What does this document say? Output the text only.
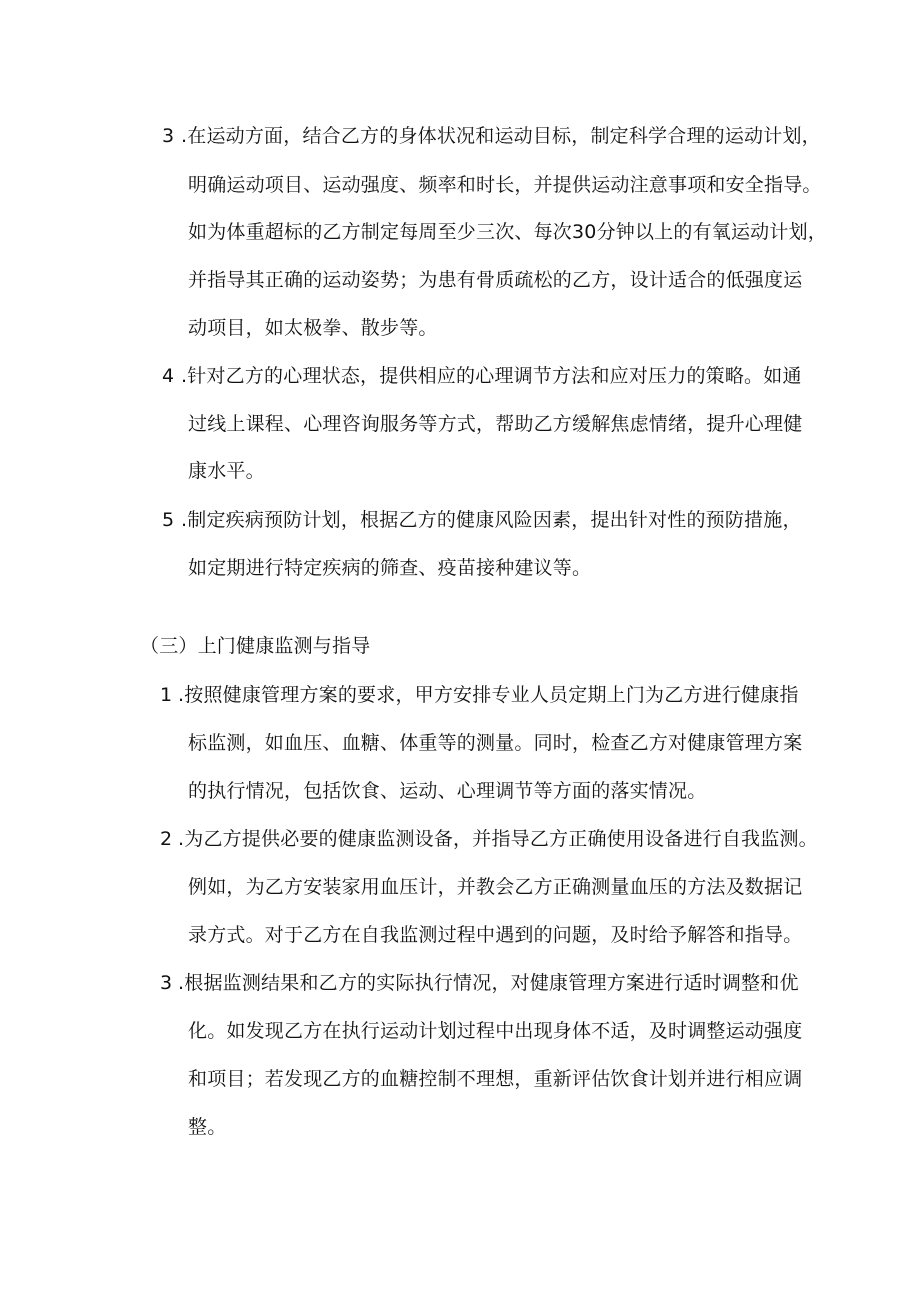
3 .在运动方面，结合乙方的身体状况和运动目标，制定科学合理的运动计划，
明确运动项目、运动强度、频率和时长，并提供运动注意事项和安全指导。
如为体重超标的乙方制定每周至少三次、每次30分钟以上的有氧运动计划，
并指导其正确的运动姿势；为患有骨质疏松的乙方，设计适合的低强度运
动项目，如太极拳、散步等。
4 .针对乙方的心理状态，提供相应的心理调节方法和应对压力的策略。如通
过线上课程、心理咨询服务等方式，帮助乙方缓解焦虑情绪，提升心理健
康水平。
5 .制定疾病预防计划，根据乙方的健康风险因素，提出针对性的预防措施，
如定期进行特定疾病的筛查、疫苗接种建议等。
（三）上门健康监测与指导
1 .按照健康管理方案的要求，甲方安排专业人员定期上门为乙方进行健康指
标监测，如血压、血糖、体重等的测量。同时，检查乙方对健康管理方案
的执行情况，包括饮食、运动、心理调节等方面的落实情况。
2 .为乙方提供必要的健康监测设备，并指导乙方正确使用设备进行自我监测。
例如，为乙方安装家用血压计，并教会乙方正确测量血压的方法及数据记
录方式。对于乙方在自我监测过程中遇到的问题，及时给予解答和指导。
3 .根据监测结果和乙方的实际执行情况，对健康管理方案进行适时调整和优
化。如发现乙方在执行运动计划过程中出现身体不适，及时调整运动强度
和项目；若发现乙方的血糖控制不理想，重新评估饮食计划并进行相应调
整。
